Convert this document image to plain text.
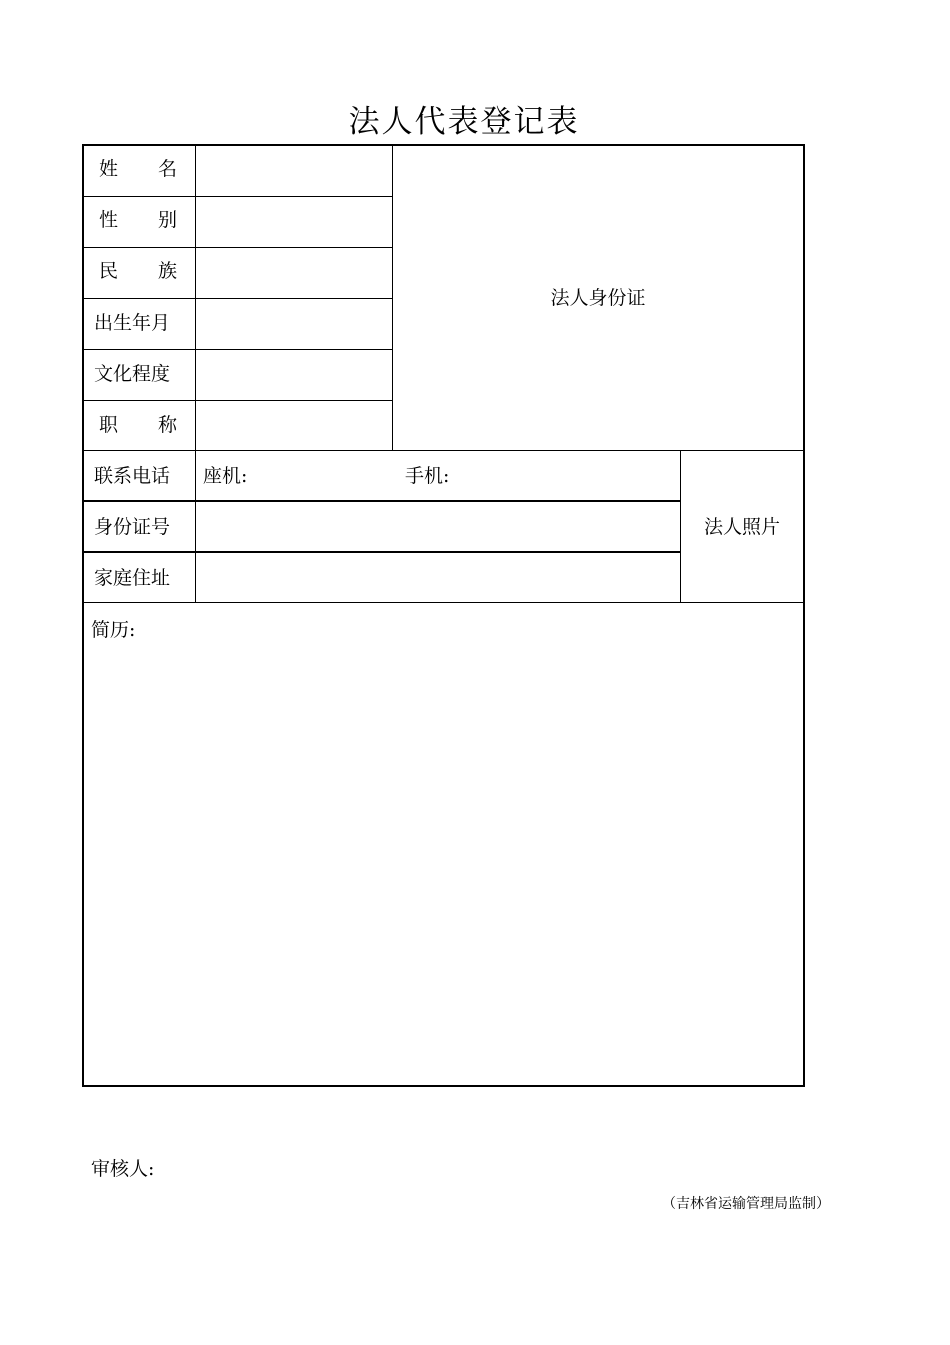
法人代表登记表
姓 名
性 别
民 族
出生年月
文化程度
职 称
联系电话 座机:	手机:
身份证号
家庭住址
简历:
法人身份证
法人照片
审核人:
（吉林省运输管理局监制）
